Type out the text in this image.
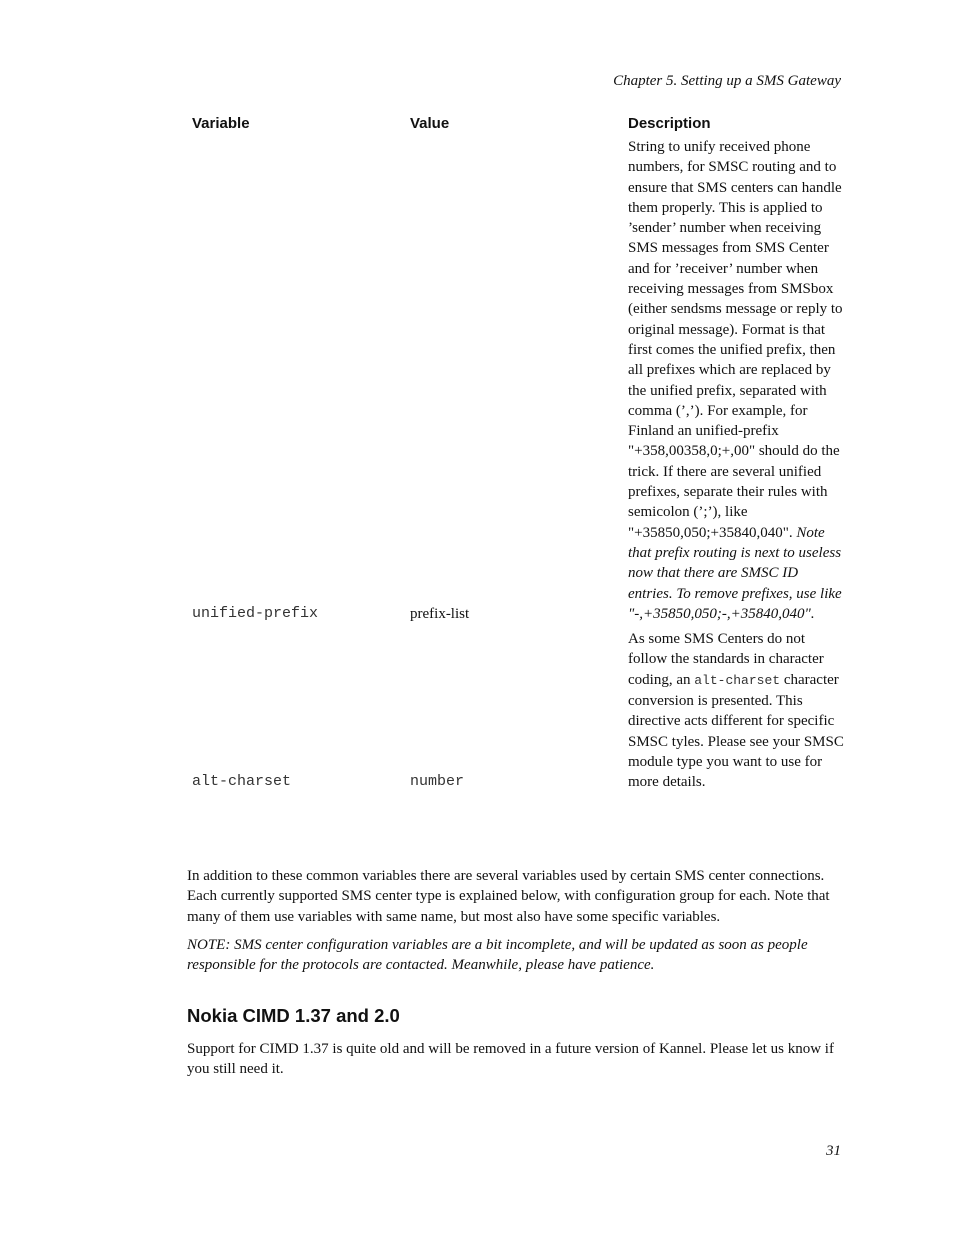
Chapter 5. Setting up a SMS Gateway
Variable	Value	Description
unified-prefix	prefix-list	String to unify received phone numbers, for SMSC routing and to ensure that SMS centers can handle them properly. This is applied to ’sender’ number when receiving SMS messages from SMS Center and for ’receiver’ number when receiving messages from SMSbox (either sendsms message or reply to original message). Format is that first comes the unified prefix, then all prefixes which are replaced by the unified prefix, separated with comma (’,’). For example, for Finland an unified-prefix "+358,00358,0;+,00" should do the trick. If there are several unified prefixes, separate their rules with semicolon (’;’), like "+35850,050;+35840,040". Note that prefix routing is next to useless now that there are SMSC ID entries. To remove prefixes, use like "-,+35850,050;-,+35840,040".
alt-charset	number	As some SMS Centers do not follow the standards in character coding, an alt-charset character conversion is presented. This directive acts different for specific SMSC tyles. Please see your SMSC module type you want to use for more details.

In addition to these common variables there are several variables used by certain SMS center connections. Each currently supported SMS center type is explained below, with configuration group for each. Note that many of them use variables with same name, but most also have some specific variables.

NOTE: SMS center configuration variables are a bit incomplete, and will be updated as soon as people responsible for the protocols are contacted. Meanwhile, please have patience.

Nokia CIMD 1.37 and 2.0

Support for CIMD 1.37 is quite old and will be removed in a future version of Kannel. Please let us know if you still need it.

31
